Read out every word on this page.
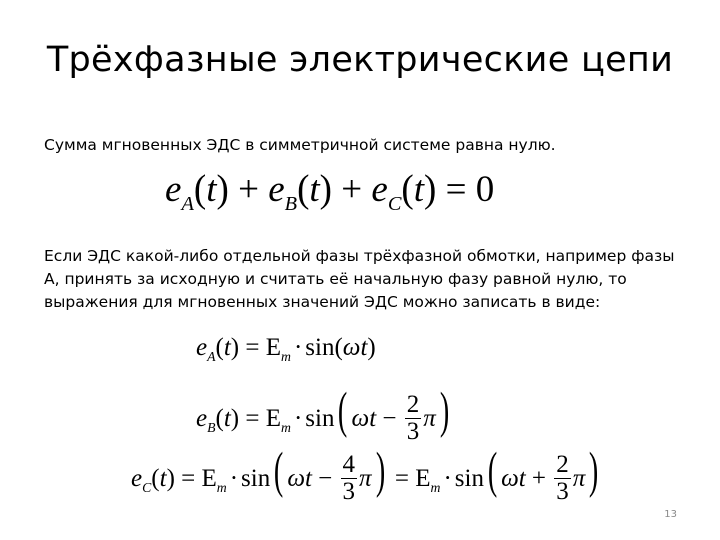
Трёхфазные электрические цепи

Сумма мгновенных ЭДС в симметричной системе равна нулю.

$e_A(t) + e_B(t) + e_C(t) = 0$

Если ЭДС какой-либо отдельной фазы трёхфазной обмотки, например фазы А, принять за исходную и считать её начальную фазу равной нулю, то выражения для мгновенных значений ЭДС можно записать в виде:

$e_A(t) = E_m \cdot \sin(\omega t)$
$e_B(t) = E_m \cdot \sin$( $\omega t - \frac{2}{3} \pi$)
$e_C(t) = E_m \cdot \sin$( $\omega t - \frac{4}{3} \pi) = E_m \cdot \sin$( $\omega t + \frac{2}{3} \pi$)
13
